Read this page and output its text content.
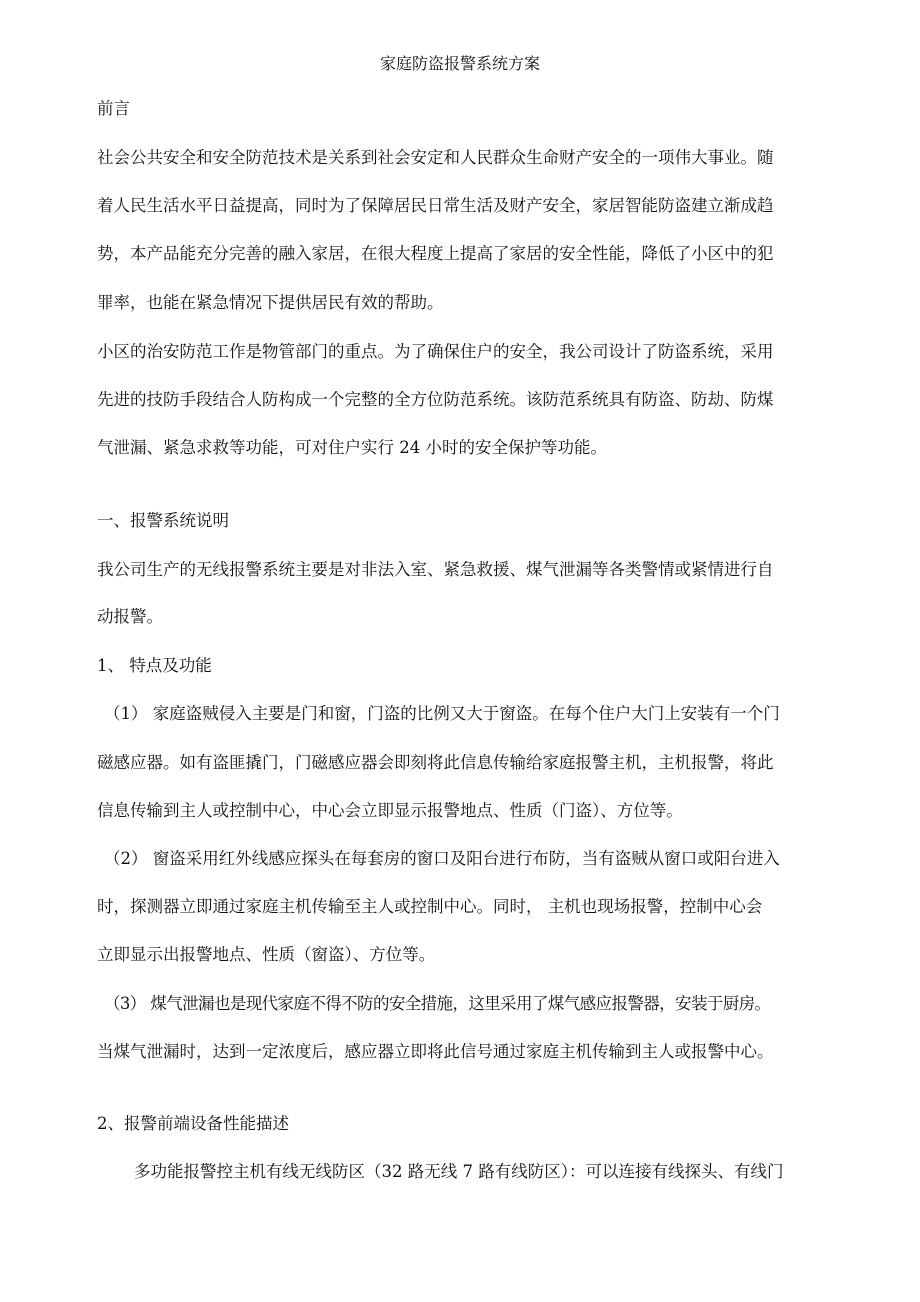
家庭防盗报警系统方案
前言
社会公共安全和安全防范技术是关系到社会安定和人民群众生命财产安全的一项伟大事业。随
着人民生活水平日益提高，同时为了保障居民日常生活及财产安全，家居智能防盗建立渐成趋
势，本产品能充分完善的融入家居，在很大程度上提高了家居的安全性能，降低了小区中的犯
罪率，也能在紧急情况下提供居民有效的帮助。
小区的治安防范工作是物管部门的重点。为了确保住户的安全，我公司设计了防盗系统，采用
先进的技防手段结合人防构成一个完整的全方位防范系统。该防范系统具有防盗、防劫、防煤
气泄漏、紧急求救等功能，可对住户实行 24 小时的安全保护等功能。
一、报警系统说明
我公司生产的无线报警系统主要是对非法入室、紧急救援、煤气泄漏等各类警情或紧情进行自
动报警。
1、 特点及功能
（1） 家庭盗贼侵入主要是门和窗，门盗的比例又大于窗盗。在每个住户大门上安装有一个门
磁感应器。如有盗匪撬门，门磁感应器会即刻将此信息传输给家庭报警主机，主机报警，将此
信息传输到主人或控制中心，中心会立即显示报警地点、性质（门盗）、方位等。
（2） 窗盗采用红外线感应探头在每套房的窗口及阳台进行布防，当有盗贼从窗口或阳台进入
时，探测器立即通过家庭主机传输至主人或控制中心。同时， 主机也现场报警，控制中心会
立即显示出报警地点、性质（窗盗）、方位等。
（3） 煤气泄漏也是现代家庭不得不防的安全措施，这里采用了煤气感应报警器，安装于厨房。
当煤气泄漏时，达到一定浓度后，感应器立即将此信号通过家庭主机传输到主人或报警中心。
2、报警前端设备性能描述
多功能报警控主机有线无线防区（32 路无线 7 路有线防区）：可以连接有线探头、有线门
